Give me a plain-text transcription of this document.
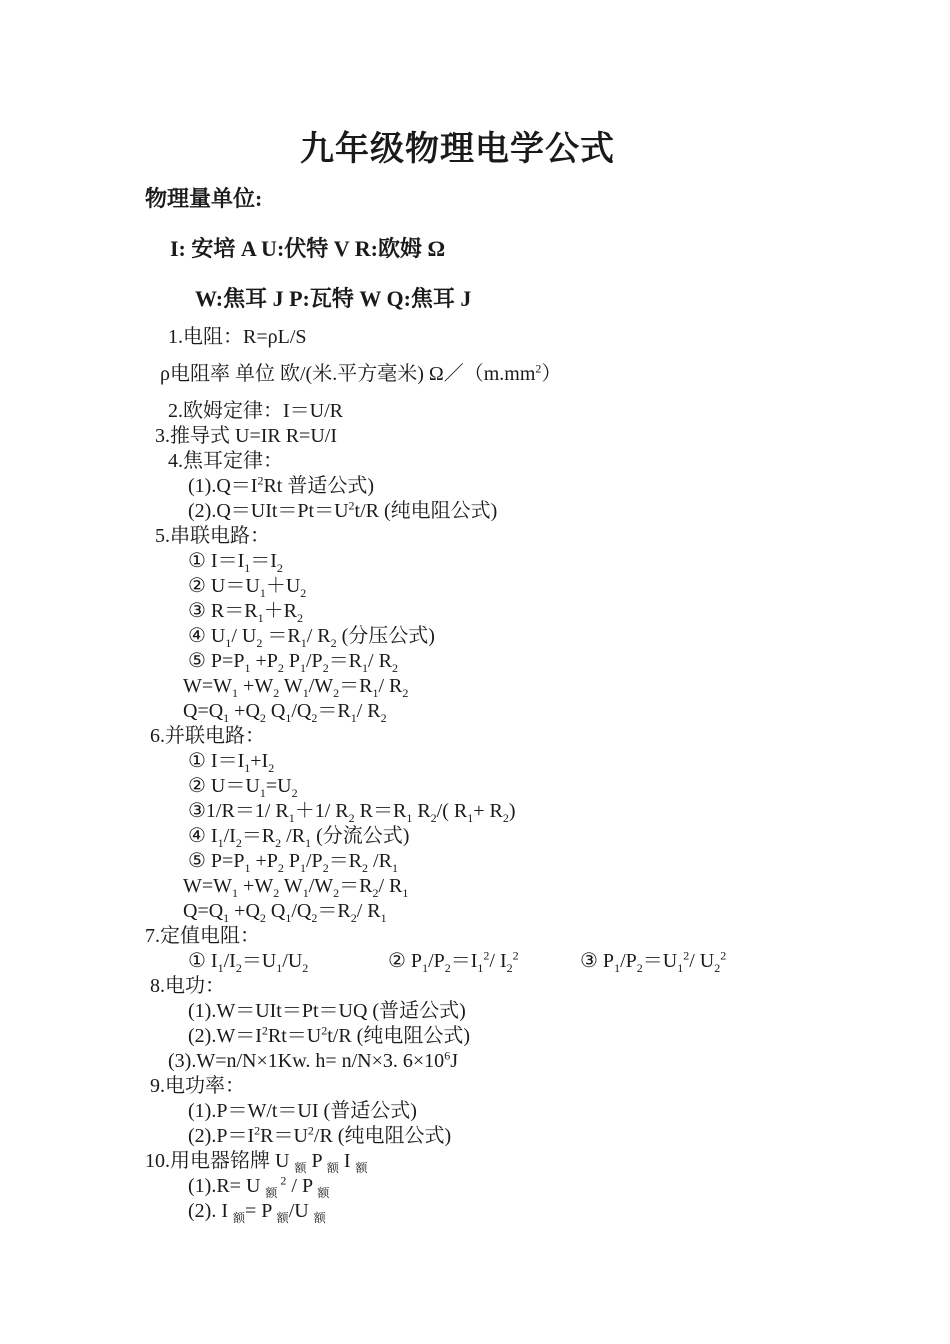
九年级物理电学公式
物理量单位:
I: 安培 A U:伏特 V R:欧姆 Ω
W:焦耳 J P:瓦特 W Q:焦耳 J
1.电阻：R=ρL/S
ρ电阻率 单位 欧/(米.平方毫米) $\Omega/(m.mm^2)$
2.欧姆定律：I＝U/R
3.推导式 U=IR R=U/I
4.焦耳定律：
$(1).Q=I^2Rt$ 普适公式)
$(2).Q=UIt=Pt=U^2t/R$ (纯电阻公式)
5.串联电路：
① $I=I_1=I_2$
② $U=U_1+U_2$
③ $R=R_1+R_2$
④ $U_1/$ $U_2 =R_1/$ $R_2$ (分压公式)
⑤ $P=P_1 +P_2$ $P_1/P_2=R_1/$ $R_2$
$W=W_1 +W_2$ $W_1/W_2=R_1/$ $R_2$
$Q=Q_1 +Q_2$ $Q_1/Q_2=R_1/$ $R_2$
6.并联电路：
① $I=I_1+I_2$
② $U=U_1=U_2$
③1/R＝1/ $R_1+1/$ $R_2$ $R=R_1$ $R_2/$( $R_1+ R_2$)
④ $I_1/I_2=R_2$ $/R_1$ (分流公式)
⑤ $P=P_1 +P_2$ $P_1/P_2=R_2$ $/R_1$
$W=W_1 +W_2$ $W_1/W_2=R_2/$ $R_1$
$Q=Q_1 +Q_2$ $Q_1/Q_2=R_2/$ $R_1$
7.定值电阻：
① $I_1/I_2=U_1/U_2$	② $P_1/P_2=I_1^2/$ $I_2^2$	③ $P_1/P_2=U_1^2/$ $U_2^2$
8.电功：
(1).W＝UIt＝Pt＝UQ (普适公式)
$(2).W=I^2Rt=U^2t/R$ (纯电阻公式)
(3).W=n/N×1Kw. h= n/N×3. $6\times 10^6J$
9.电功率：
(1).P＝W/t＝UI (普适公式)
$(2).P=I^2R=U^2/R$ (纯电阻公式)
10.用电器铭牌 U $_额$ P $_额$ I $_额$
(1).R= U $_额$ $^2$ / P $_额$
(2). I $_额$= P $_额$/U $_额$
